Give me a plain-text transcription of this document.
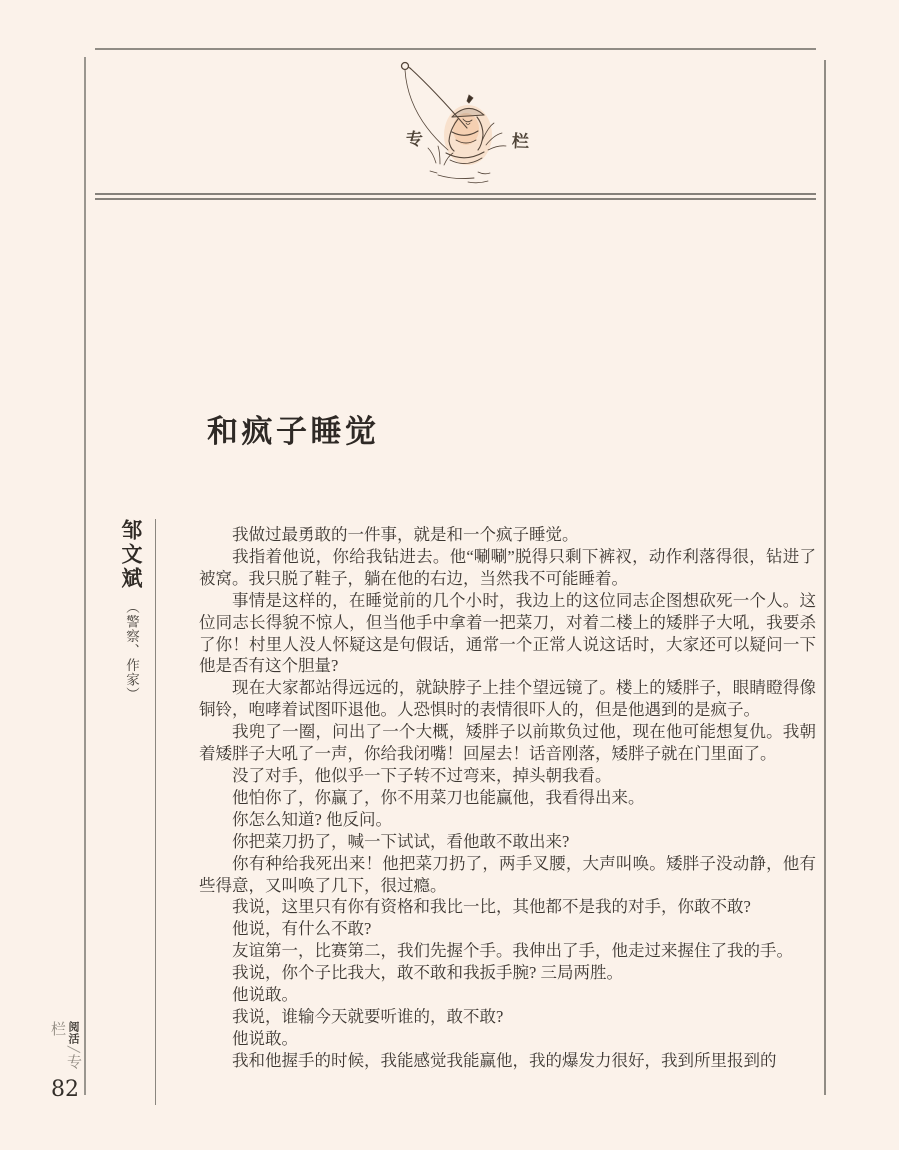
专	栏
和疯子睡觉
邹文斌（警察、作家）

我做过最勇敢的一件事，就是和一个疯子睡觉。

我指着他说，你给我钻进去。他“唰唰”脱得只剩下裤衩，动作利落得很，钻进了被窝。我只脱了鞋子，躺在他的右边，当然我不可能睡着。

事情是这样的，在睡觉前的几个小时，我边上的这位同志企图想砍死一个人。这位同志长得貌不惊人，但当他手中拿着一把菜刀，对着二楼上的矮胖子大吼，我要杀了你！村里人没人怀疑这是句假话，通常一个正常人说这话时，大家还可以疑问一下他是否有这个胆量?

现在大家都站得远远的，就缺脖子上挂个望远镜了。楼上的矮胖子，眼睛瞪得像铜铃，咆哮着试图吓退他。人恐惧时的表情很吓人的，但是他遇到的是疯子。

我兜了一圈，问出了一个大概，矮胖子以前欺负过他，现在他可能想复仇。我朝着矮胖子大吼了一声，你给我闭嘴！回屋去！话音刚落，矮胖子就在门里面了。

没了对手，他似乎一下子转不过弯来，掉头朝我看。

他怕你了，你赢了，你不用菜刀也能赢他，我看得出来。

你怎么知道? 他反问。

你把菜刀扔了，喊一下试试，看他敢不敢出来?

你有种给我死出来！他把菜刀扔了，两手叉腰，大声叫唤。矮胖子没动静，他有些得意，又叫唤了几下，很过瘾。

我说，这里只有你有资格和我比一比，其他都不是我的对手，你敢不敢?

他说，有什么不敢?

友谊第一，比赛第二，我们先握个手。我伸出了手，他走过来握住了我的手。

我说，你个子比我大，敢不敢和我扳手腕? 三局两胜。

他说敢。

我说，谁输今天就要听谁的，敢不敢?

他说敢。

我和他握手的时候，我能感觉我能赢他，我的爆发力很好，我到所里报到的

阅活╱专栏
82
